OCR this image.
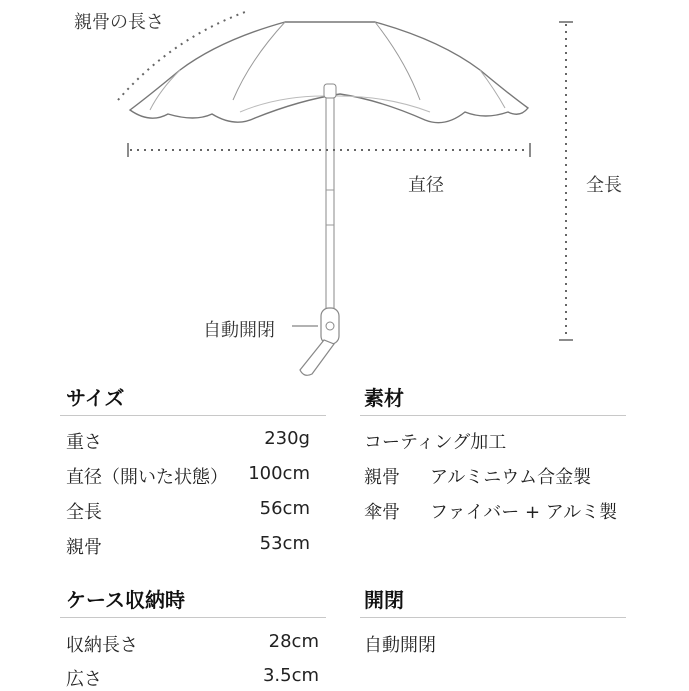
親骨の長さ
直径	全長
自動開閉
サイズ
重さ	230g
直径（開いた状態） 100cm
全長	56cm
親骨	53cm
素材
コーティング加工
親骨 アルミニウム合金製
傘骨 ファイバー + アルミ製
ケース収納時
収納長さ	28cm
広さ	3.5cm
開閉
自動開閉
